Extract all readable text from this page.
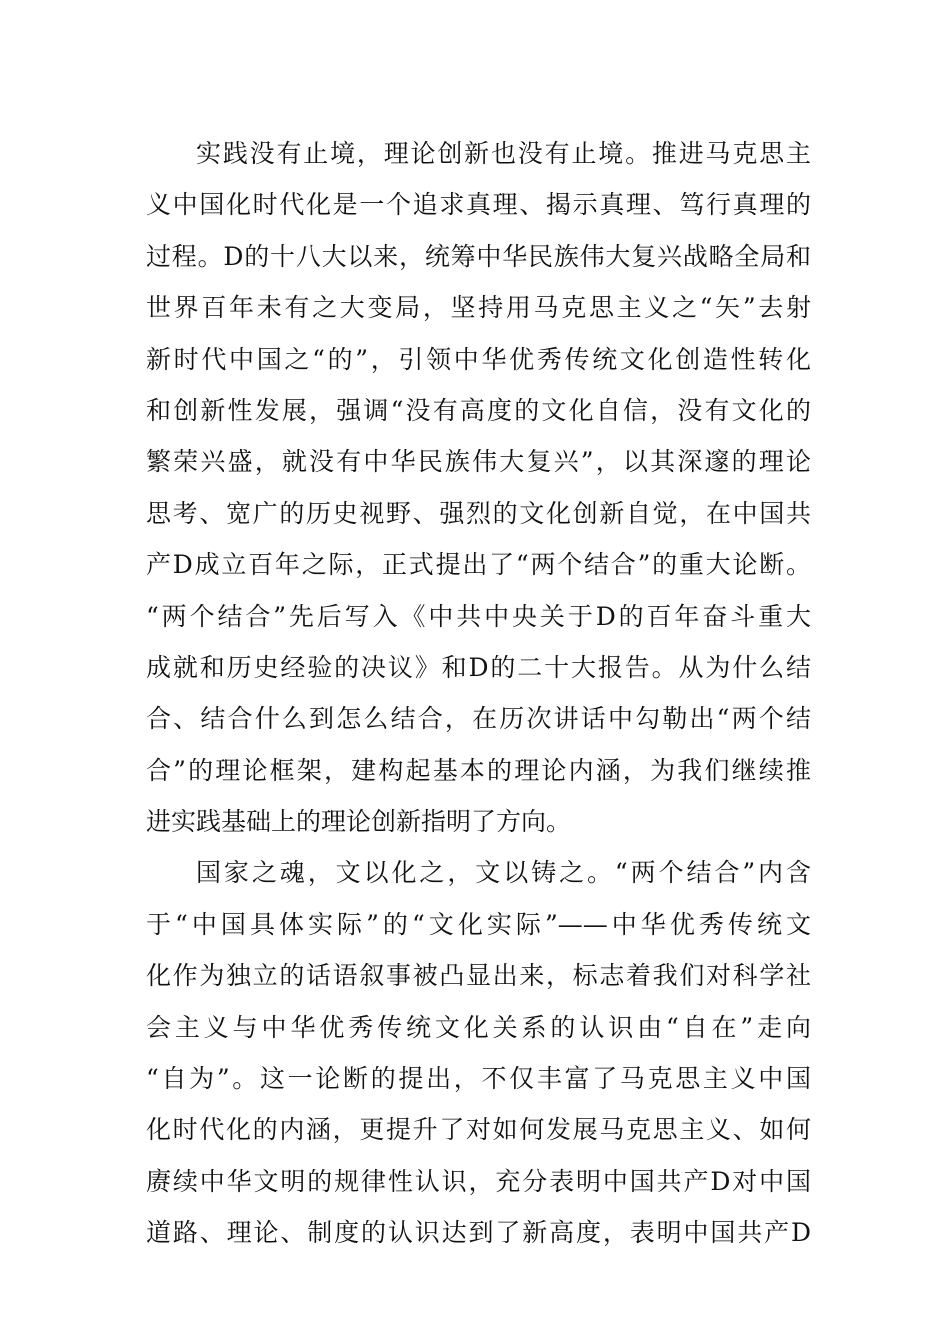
实践没有止境，理论创新也没有止境。推进马克思主
义中国化时代化是一个追求真理、揭示真理、笃行真理的
过程。D的十八大以来，统筹中华民族伟大复兴战略全局和
世界百年未有之大变局，坚持用马克思主义之“矢”去射
新时代中国之“的”，引领中华优秀传统文化创造性转化
和创新性发展，强调“没有高度的文化自信，没有文化的
繁荣兴盛，就没有中华民族伟大复兴”，以其深邃的理论
思考、宽广的历史视野、强烈的文化创新自觉，在中国共
产D成立百年之际，正式提出了“两个结合”的重大论断。
“两个结合”先后写入《中共中央关于D的百年奋斗重大
成就和历史经验的决议》和D的二十大报告。从为什么结
合、结合什么到怎么结合，在历次讲话中勾勒出“两个结
合”的理论框架，建构起基本的理论内涵，为我们继续推
进实践基础上的理论创新指明了方向。
国家之魂，文以化之，文以铸之。“两个结合”内含
于“中国具体实际”的“文化实际”——中华优秀传统文
化作为独立的话语叙事被凸显出来，标志着我们对科学社
会主义与中华优秀传统文化关系的认识由“自在”走向
“自为”。这一论断的提出，不仅丰富了马克思主义中国
化时代化的内涵，更提升了对如何发展马克思主义、如何
赓续中华文明的规律性认识，充分表明中国共产D对中国
道路、理论、制度的认识达到了新高度，表明中国共产D
